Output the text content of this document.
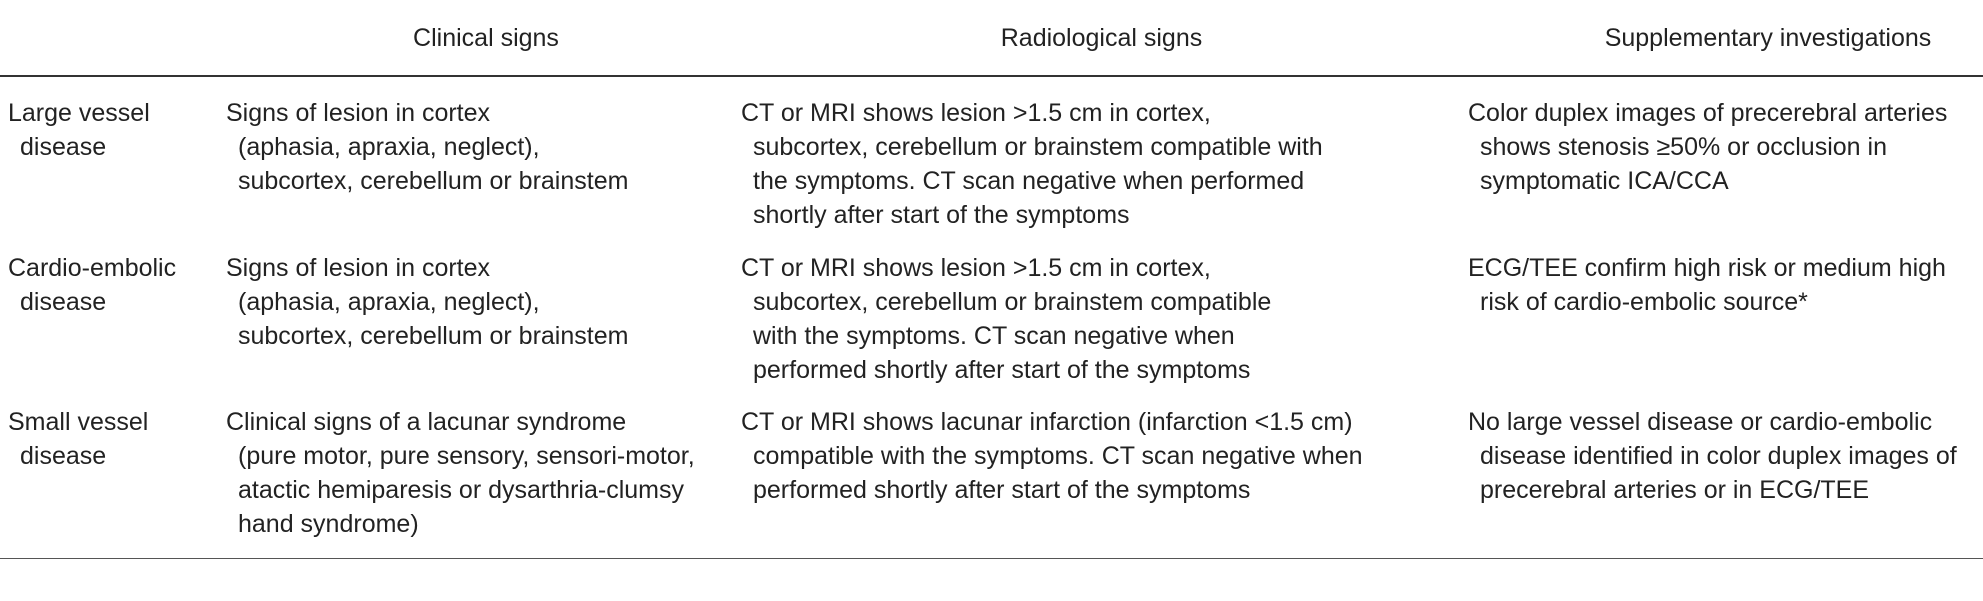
Clinical signs	Radiological signs	Supplementary investigations
Large vessel
disease
Signs of lesion in cortex
(aphasia, apraxia, neglect),
subcortex, cerebellum or brainstem
CT or MRI shows lesion >1.5 cm in cortex,
subcortex, cerebellum or brainstem compatible with
the symptoms. CT scan negative when performed
shortly after start of the symptoms
Color duplex images of precerebral arteries
shows stenosis ≥50% or occlusion in
symptomatic ICA/CCA
Cardio-embolic
disease
Signs of lesion in cortex
(aphasia, apraxia, neglect),
subcortex, cerebellum or brainstem
CT or MRI shows lesion >1.5 cm in cortex,
subcortex, cerebellum or brainstem compatible
with the symptoms. CT scan negative when
performed shortly after start of the symptoms
ECG/TEE confirm high risk or medium high
risk of cardio-embolic source*
Small vessel
disease
Clinical signs of a lacunar syndrome
(pure motor, pure sensory, sensori-motor,
atactic hemiparesis or dysarthria-clumsy
hand syndrome)
CT or MRI shows lacunar infarction (infarction <1.5 cm)
compatible with the symptoms. CT scan negative when
performed shortly after start of the symptoms
No large vessel disease or cardio-embolic
disease identified in color duplex images of
precerebral arteries or in ECG/TEE
